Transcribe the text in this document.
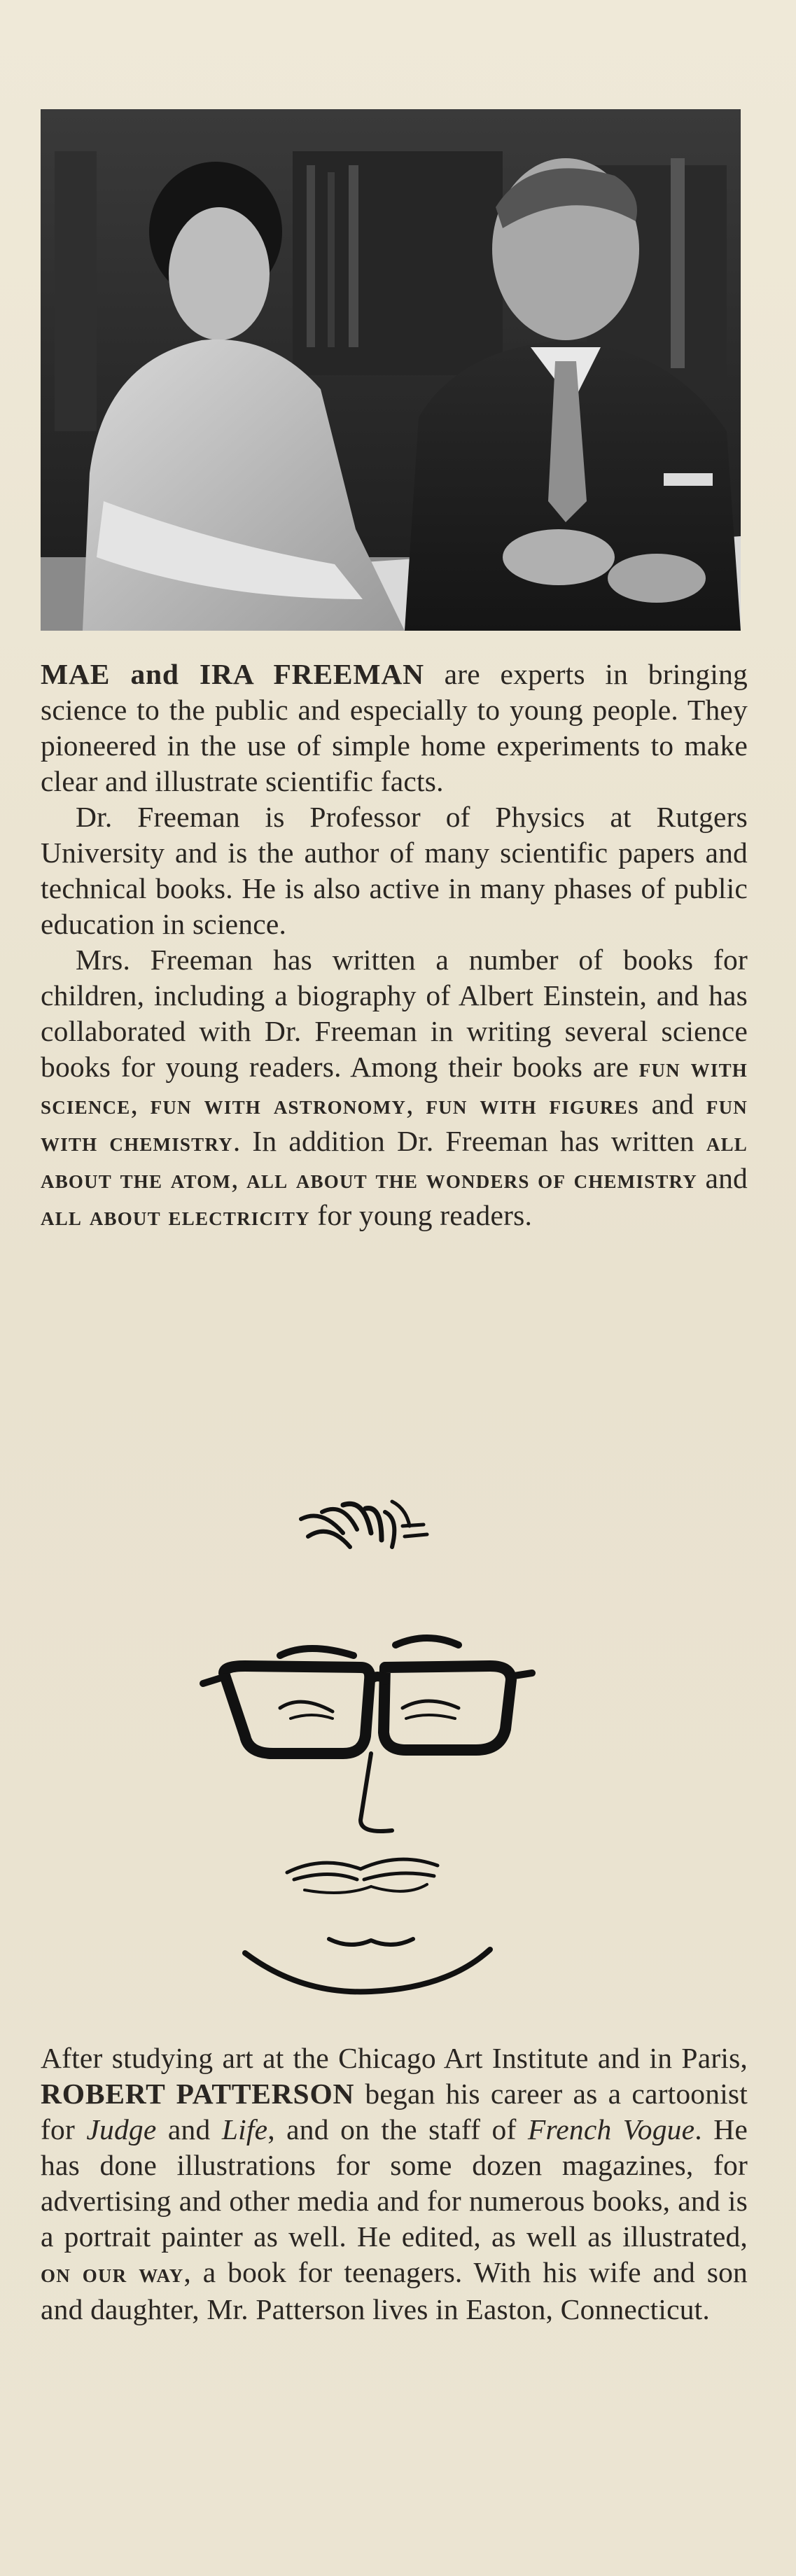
MAE and IRA FREEMAN are experts in bringing science to the public and especially to young people. They pioneered in the use of simple home experiments to make clear and illustrate scientific facts.

Dr. Freeman is Professor of Physics at Rutgers University and is the author of many scientific papers and technical books. He is also active in many phases of public education in science.

Mrs. Freeman has written a number of books for children, including a biography of Albert Einstein, and has collaborated with Dr. Freeman in writing several science books for young readers. Among their books are fun with science, fun with astronomy, fun with figures and fun with chemistry. In addition Dr. Freeman has written all about the atom, all about the wonders of chemistry and all about electricity for young readers.

After studying art at the Chicago Art Institute and in Paris, ROBERT PATTERSON began his career as a cartoonist for Judge and Life, and on the staff of French Vogue. He has done illustrations for some dozen magazines, for advertising and other media and for numerous books, and is a portrait painter as well. He edited, as well as illustrated, on our way, a book for teenagers. With his wife and son and daughter, Mr. Patterson lives in Easton, Connecticut.
